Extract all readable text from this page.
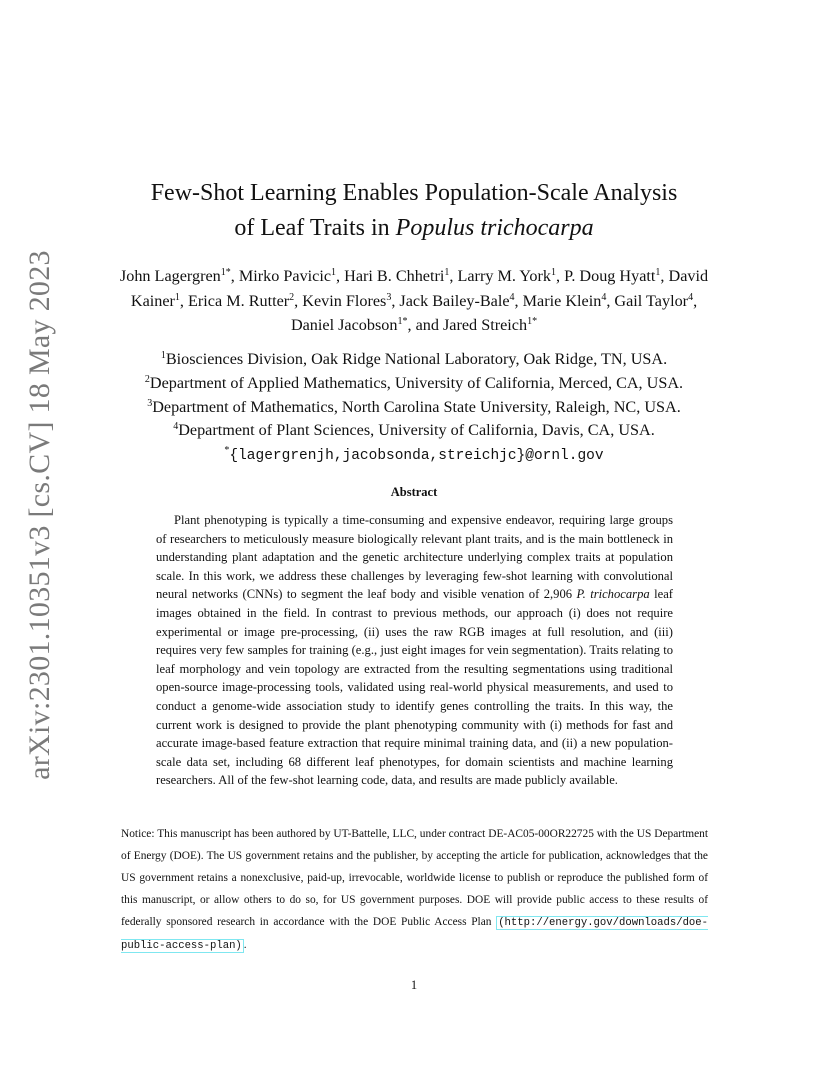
arXiv:2301.10351v3 [cs.CV] 18 May 2023
Few-Shot Learning Enables Population-Scale Analysis
of Leaf Traits in Populus trichocarpa
John Lagergren$^{1*}$, Mirko Pavicic$^1$, Hari B. Chhetri$^1$, Larry M. York$^1$, P. Doug Hyatt$^1$, David Kainer$^1$, Erica M. Rutter$^2$, Kevin Flores$^3$, Jack Bailey-Bale$^4$, Marie Klein$^4$, Gail Taylor$^4$, Daniel Jacobson$^{1*}$, and Jared Streich$^{1*}$
$^1$Biosciences Division, Oak Ridge National Laboratory, Oak Ridge, TN, USA.
$^2$Department of Applied Mathematics, University of California, Merced, CA, USA.
$^3$Department of Mathematics, North Carolina State University, Raleigh, NC, USA.
$^4$Department of Plant Sciences, University of California, Davis, CA, USA.
*{lagergrenjh,jacobsonda,streichjc}@ornl.gov
Abstract

Plant phenotyping is typically a time-consuming and expensive endeavor, requiring large groups of researchers to meticulously measure biologically relevant plant traits, and is the main bottleneck in understanding plant adaptation and the genetic architecture underlying complex traits at population scale. In this work, we address these challenges by leveraging few-shot learning with convolutional neural networks (CNNs) to segment the leaf body and visible venation of 2,906 P. trichocarpa leaf images obtained in the field. In contrast to previous methods, our approach (i) does not require experimental or image pre-processing, (ii) uses the raw RGB images at full resolution, and (iii) requires very few samples for training (e.g., just eight images for vein segmentation). Traits relating to leaf morphology and vein topology are extracted from the resulting segmentations using traditional open-source image-processing tools, validated using real-world physical measurements, and used to conduct a genome-wide association study to identify genes controlling the traits. In this way, the current work is designed to provide the plant phenotyping community with (i) methods for fast and accurate image-based feature extraction that require minimal training data, and (ii) a new population-scale data set, including 68 different leaf phenotypes, for domain scientists and machine learning researchers. All of the few-shot learning code, data, and results are made publicly available.

Notice: This manuscript has been authored by UT-Battelle, LLC, under contract DE-AC05-00OR22725 with the US Department of Energy (DOE). The US government retains and the publisher, by accepting the article for publication, acknowledges that the US government retains a nonexclusive, paid-up, irrevocable, worldwide license to publish or reproduce the published form of this manuscript, or allow others to do so, for US government purposes. DOE will provide public access to these results of federally sponsored research in accordance with the DOE Public Access Plan (http://energy.gov/downloads/doe-public-access-plan) .

1
